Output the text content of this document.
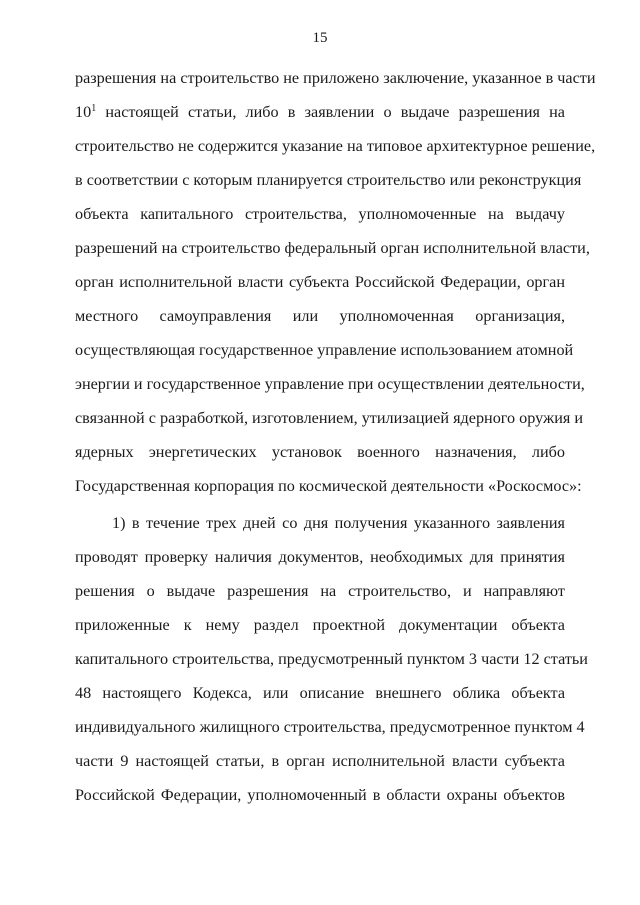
15
разрешения на строительство не приложено заключение, указанное в части
$10^1$ настоящей статьи, либо в заявлении о выдаче разрешения на
строительство не содержится указание на типовое архитектурное решение,
в соответствии с которым планируется строительство или реконструкция
объекта капитального строительства, уполномоченные на выдачу
разрешений на строительство федеральный орган исполнительной власти,
орган исполнительной власти субъекта Российской Федерации, орган
местного самоуправления или уполномоченная организация,
осуществляющая государственное управление использованием атомной
энергии и государственное управление при осуществлении деятельности,
связанной с разработкой, изготовлением, утилизацией ядерного оружия и
ядерных энергетических установок военного назначения, либо
Государственная корпорация по космической деятельности «Роскосмос»:
1) в течение трех дней со дня получения указанного заявления
проводят проверку наличия документов, необходимых для принятия
решения о выдаче разрешения на строительство, и направляют
приложенные к нему раздел проектной документации объекта
капитального строительства, предусмотренный пунктом 3 части 12 статьи
48 настоящего Кодекса, или описание внешнего облика объекта
индивидуального жилищного строительства, предусмотренное пунктом 4
части 9 настоящей статьи, в орган исполнительной власти субъекта
Российской Федерации, уполномоченный в области охраны объектов
